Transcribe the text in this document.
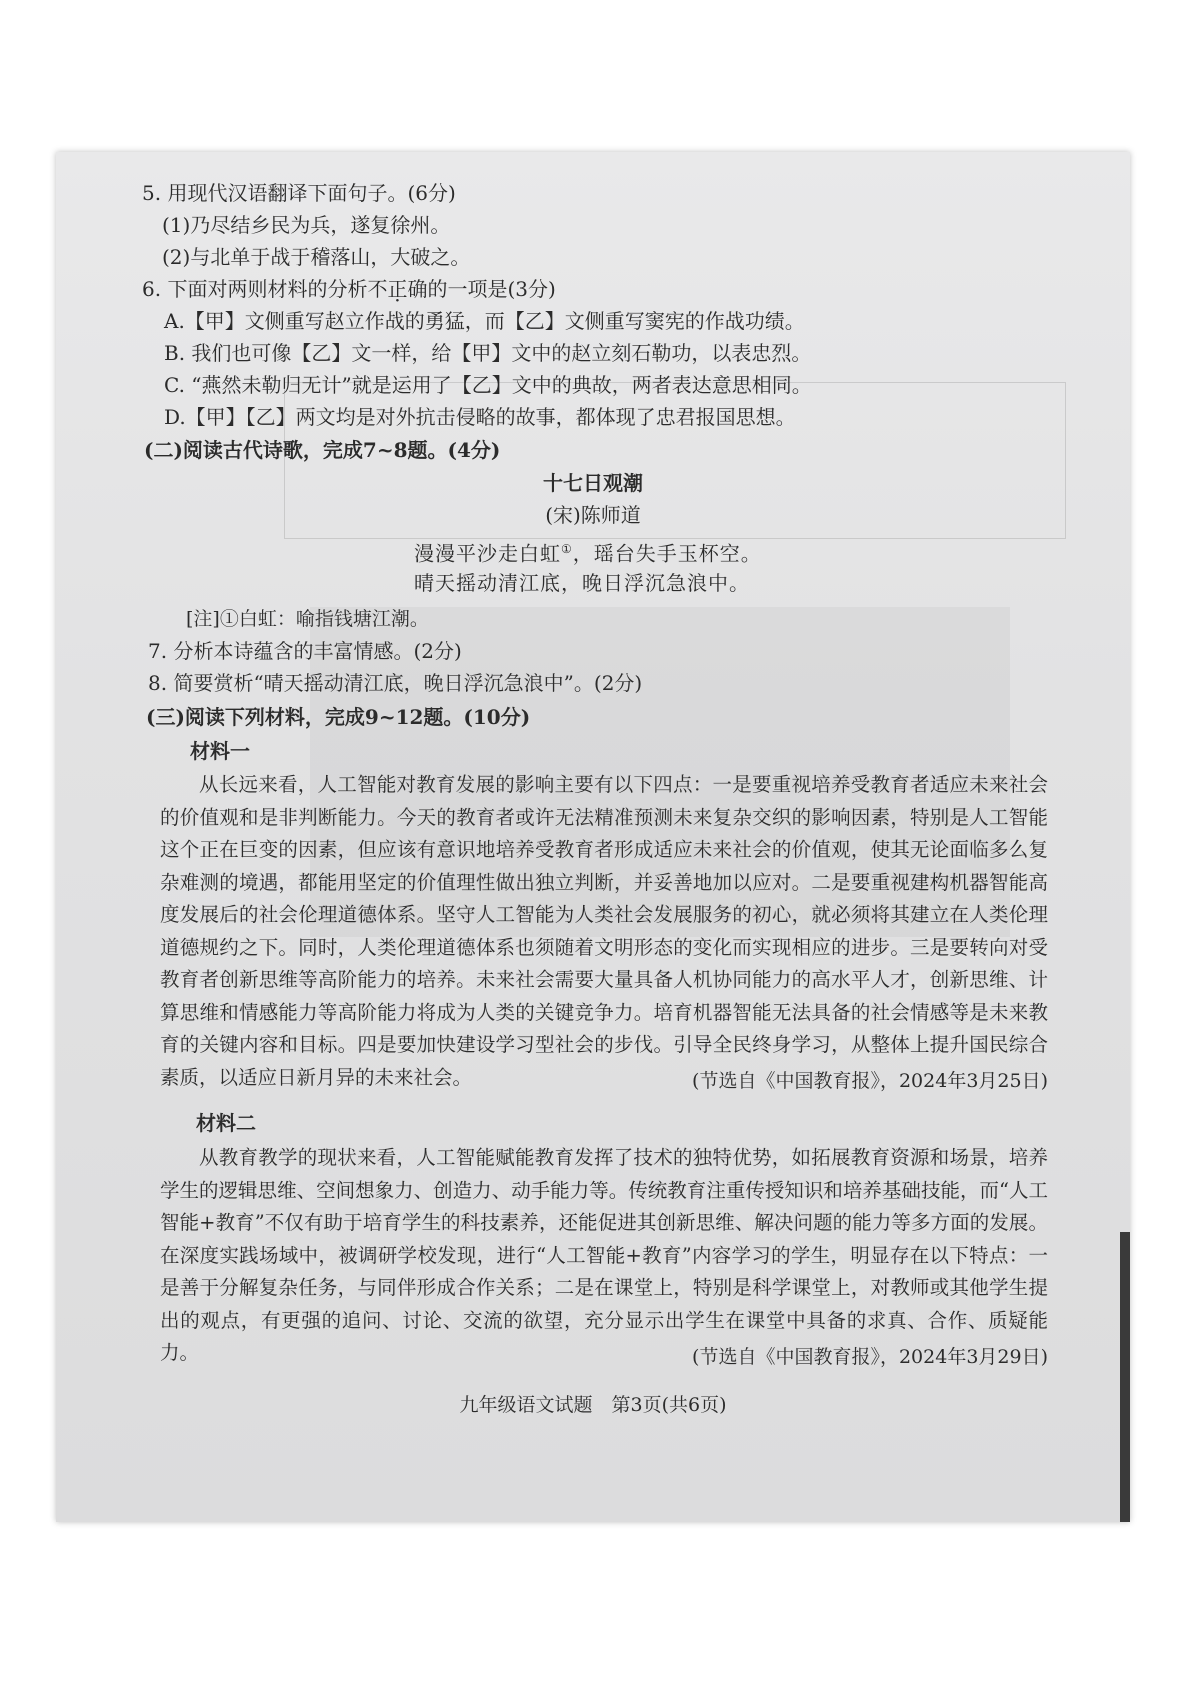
5. 用现代汉语翻译下面句子。(6分)
(1)乃尽结乡民为兵，遂复徐州。
(2)与北单于战于稽落山，大破之。
6. 下面对两则材料的分析不正确的一项是(3分)
A.【甲】文侧重写赵立作战的勇猛，而【乙】文侧重写窦宪的作战功绩。
B. 我们也可像【乙】文一样，给【甲】文中的赵立刻石勒功，以表忠烈。
C. “燕然未勒归无计”就是运用了【乙】文中的典故，两者表达意思相同。
D.【甲】【乙】两文均是对外抗击侵略的故事，都体现了忠君报国思想。
(二)阅读古代诗歌，完成7~8题。(4分)
十七日观潮
(宋)陈师道
漫漫平沙走白虹①，瑶台失手玉杯空。
晴天摇动清江底，晚日浮沉急浪中。
[注]①白虹：喻指钱塘江潮。
7. 分析本诗蕴含的丰富情感。(2分)
8. 简要赏析“晴天摇动清江底，晚日浮沉急浪中”。(2分)
(三)阅读下列材料，完成9~12题。(10分)
材料一
从长远来看，人工智能对教育发展的影响主要有以下四点：一是要重视培养受教育者适应未来社会的价值观和是非判断能力。今天的教育者或许无法精准预测未来复杂交织的影响因素，特别是人工智能这个正在巨变的因素，但应该有意识地培养受教育者形成适应未来社会的价值观，使其无论面临多么复杂难测的境遇，都能用坚定的价值理性做出独立判断，并妥善地加以应对。二是要重视建构机器智能高度发展后的社会伦理道德体系。坚守人工智能为人类社会发展服务的初心，就必须将其建立在人类伦理道德规约之下。同时，人类伦理道德体系也须随着文明形态的变化而实现相应的进步。三是要转向对受教育者创新思维等高阶能力的培养。未来社会需要大量具备人机协同能力的高水平人才，创新思维、计算思维和情感能力等高阶能力将成为人类的关键竞争力。培育机器智能无法具备的社会情感等是未来教育的关键内容和目标。四是要加快建设学习型社会的步伐。引导全民终身学习，从整体上提升国民综合素质，以适应日新月异的未来社会。	(节选自《中国教育报》，2024年3月25日)
材料二
从教育教学的现状来看，人工智能赋能教育发挥了技术的独特优势，如拓展教育资源和场景，培养学生的逻辑思维、空间想象力、创造力、动手能力等。传统教育注重传授知识和培养基础技能，而“人工智能+教育”不仅有助于培育学生的科技素养，还能促进其创新思维、解决问题的能力等多方面的发展。在深度实践场域中，被调研学校发现，进行“人工智能+教育”内容学习的学生，明显存在以下特点：一是善于分解复杂任务，与同伴形成合作关系；二是在课堂上，特别是科学课堂上，对教师或其他学生提出的观点，有更强的追问、讨论、交流的欲望，充分显示出学生在课堂中具备的求真、合作、质疑能力。	(节选自《中国教育报》，2024年3月29日)
九年级语文试题　第3页(共6页)
